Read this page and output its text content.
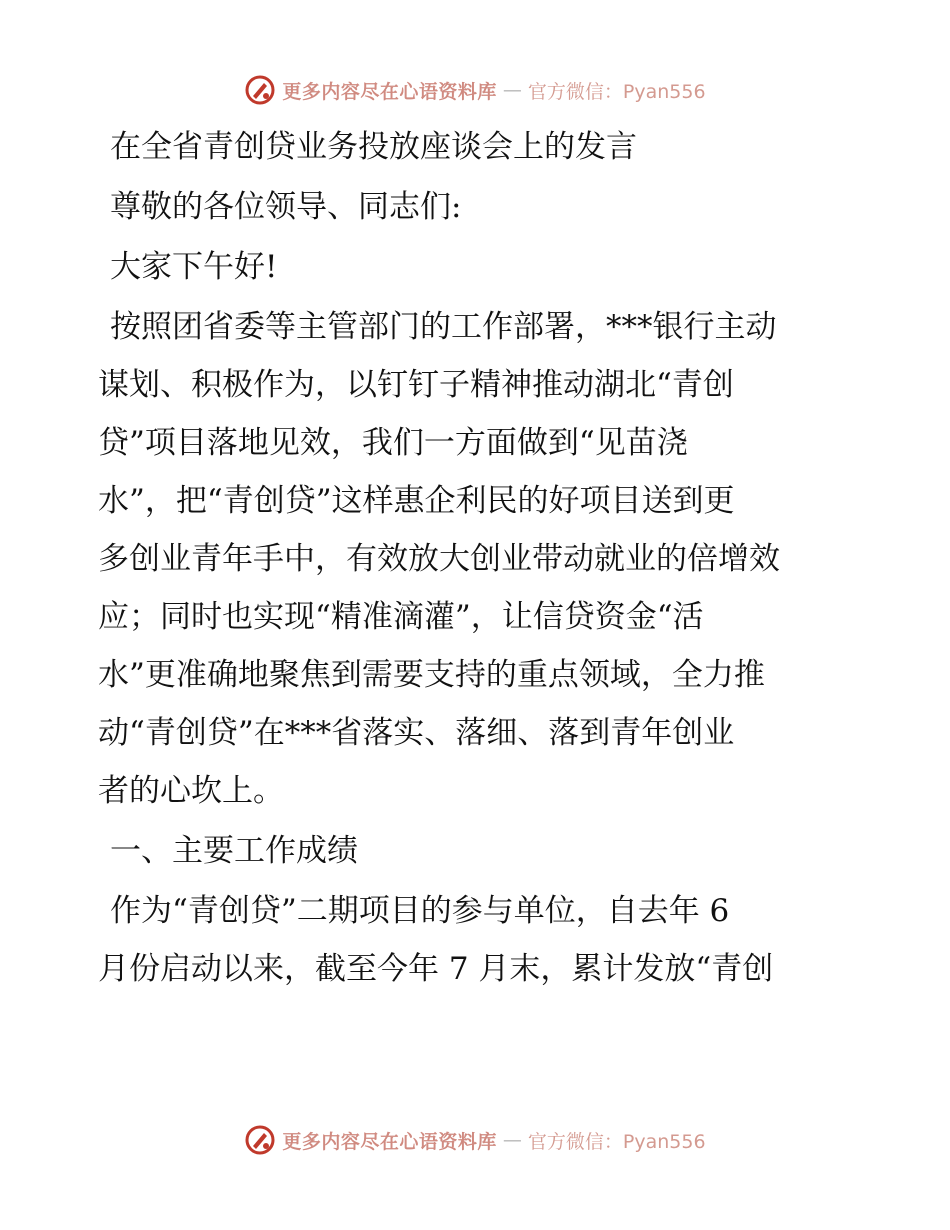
更多内容尽在心语资料库 — 官方微信：Pyan556
在全省青创贷业务投放座谈会上的发言
尊敬的各位领导、同志们:
大家下午好!
按照团省委等主管部门的工作部署，***银行主动
谋划、积极作为，以钉钉子精神推动湖北“青创
贷”项目落地见效，我们一方面做到“见苗浇
水”，把“青创贷”这样惠企利民的好项目送到更
多创业青年手中，有效放大创业带动就业的倍增效
应；同时也实现“精准滴灌”，让信贷资金“活
水”更准确地聚焦到需要支持的重点领域，全力推
动“青创贷”在***省落实、落细、落到青年创业
者的心坎上。
一、主要工作成绩
作为“青创贷”二期项目的参与单位，自去年 6
月份启动以来，截至今年 7 月末，累计发放“青创
更多内容尽在心语资料库 — 官方微信：Pyan556
